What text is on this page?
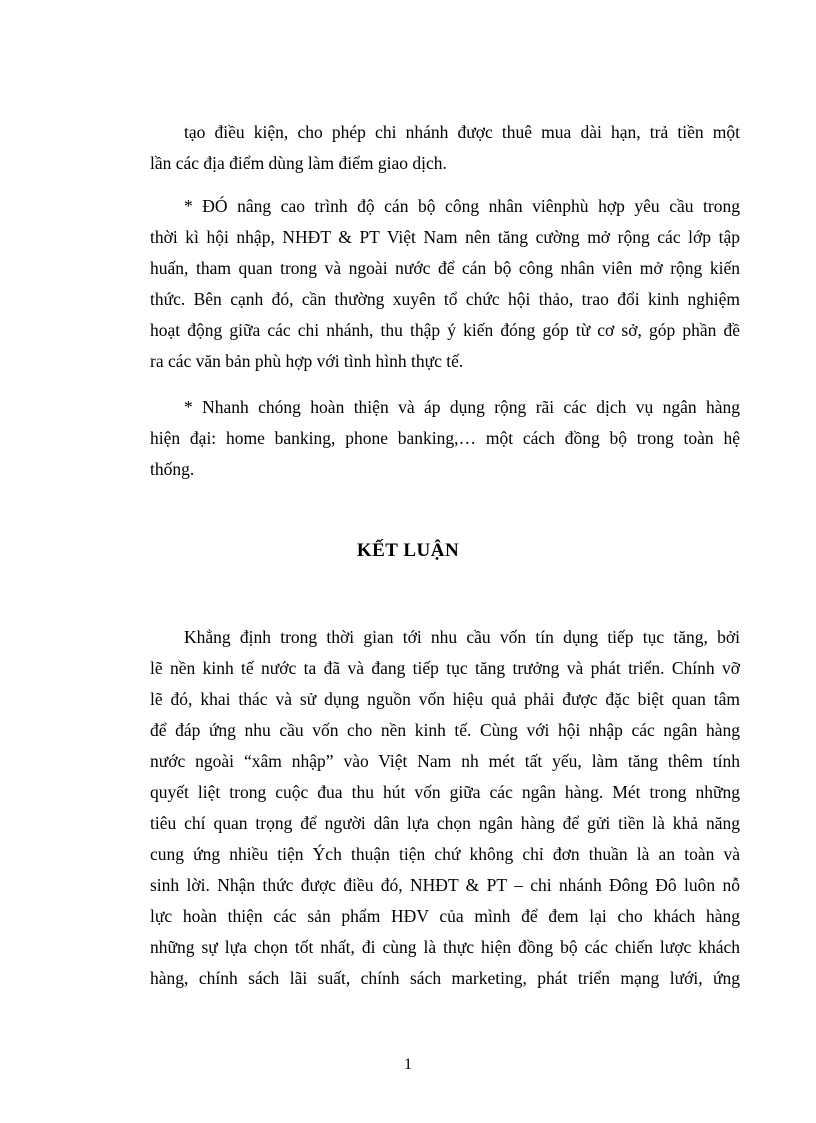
tạo điều kiện, cho phép chi nhánh được thuê mua dài hạn, trả tiền một
lần các địa điểm dùng làm điểm giao dịch.
* ĐÓ nâng cao trình độ cán bộ công nhân viênphù hợp yêu cầu trong
thời kì hội nhập, NHĐT & PT Việt Nam nên tăng cường mở rộng các lớp tập
huấn, tham quan trong và ngoài nước để cán bộ công nhân viên mở rộng kiến
thức. Bên cạnh đó, cần thường xuyên tổ chức hội thảo, trao đổi kinh nghiệm
hoạt động giữa các chi nhánh, thu thập ý kiến đóng góp từ cơ sở, góp phần đề
ra các văn bản phù hợp với tình hình thực tế.
* Nhanh chóng hoàn thiện và áp dụng rộng rãi các dịch vụ ngân hàng
hiện đại: home banking, phone banking,… một cách đồng bộ trong toàn hệ
thống.
KẾT LUẬN
Khẳng định trong thời gian tới nhu cầu vốn tín dụng tiếp tục tăng, bởi
lẽ nền kinh tế nước ta đã và đang tiếp tục tăng trưởng và phát triển. Chính vỡ
lẽ đó, khai thác và sử dụng nguồn vốn hiệu quả phải được đặc biệt quan tâm
để đáp ứng nhu cầu vốn cho nền kinh tế. Cùng với hội nhập các ngân hàng
nước ngoài “xâm nhập” vào Việt Nam nh mét tất yếu, làm tăng thêm tính
quyết liệt trong cuộc đua thu hút vốn giữa các ngân hàng. Mét trong những
tiêu chí quan trọng để người dân lựa chọn ngân hàng để gửi tiền là khả năng
cung ứng nhiều tiện Ých thuận tiện chứ không chỉ đơn thuần là an toàn và
sinh lời. Nhận thức được điều đó, NHĐT & PT – chi nhánh Đông Đô luôn nỗ
lực hoàn thiện các sản phẩm HĐV của mình để đem lại cho khách hàng
những sự lựa chọn tốt nhất, đi cùng là thực hiện đồng bộ các chiến lược khách
hàng, chính sách lãi suất, chính sách marketing, phát triển mạng lưới, ứng
1
